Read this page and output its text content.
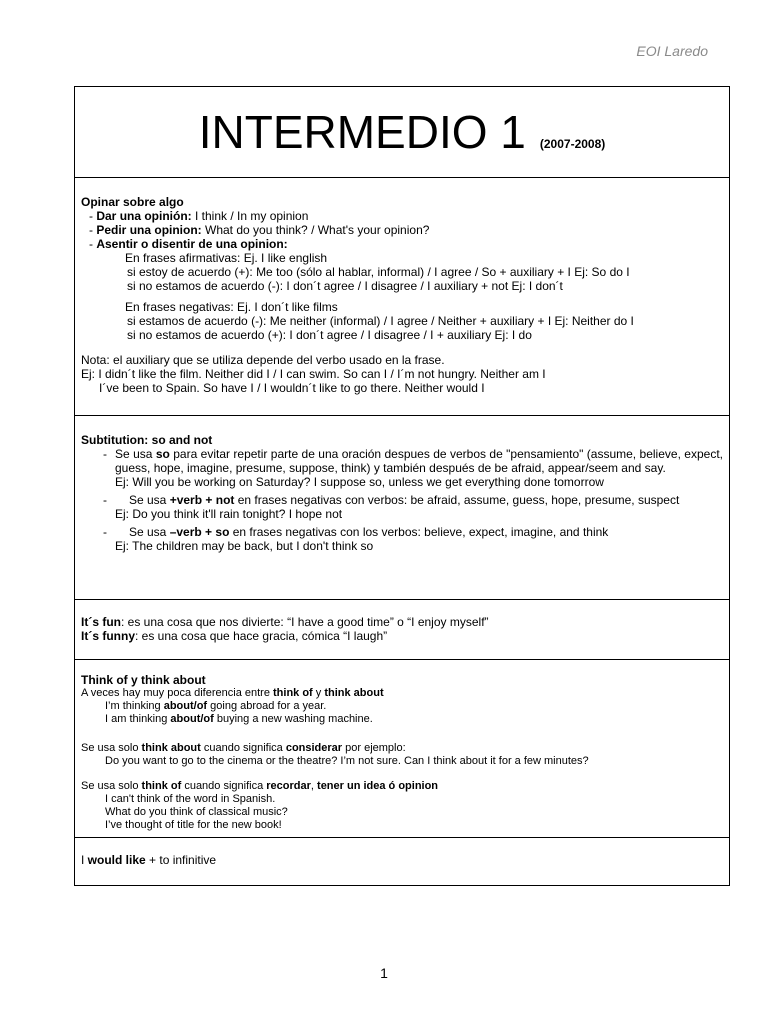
EOI Laredo
INTERMEDIO 1 (2007-2008)
Opinar sobre algo
- Dar una opinión: I think / In my opinion
- Pedir una opinion: What do you think? / What's your opinion?
- Asentir o disentir de una opinion:
En frases afirmativas: Ej. I like english
si estoy de acuerdo (+): Me too (sólo al hablar, informal) / I agree / So + auxiliary + I Ej: So do I
si no estamos de acuerdo (-): I don´t agree / I disagree / I auxiliary + not Ej: I don´t
En frases negativas: Ej. I don´t like films
si estamos de acuerdo (-): Me neither (informal) / I agree / Neither + auxiliary + I Ej: Neither do I
si no estamos de acuerdo (+): I don´t agree / I disagree / I + auxiliary Ej: I do
Nota: el auxiliary que se utiliza depende del verbo usado en la frase.
Ej: I didn´t like the film. Neither did I / I can swim. So can I / I´m not hungry. Neither am I
I´ve been to Spain. So have I / I wouldn´t like to go there. Neither would I
Subtitution: so and not
- Se usa so para evitar repetir parte de una oración despues de verbos de "pensamiento" (assume, believe, expect, guess, hope, imagine, presume, suppose, think) y también después de be afraid, appear/seem and say.
Ej: Will you be working on Saturday? I suppose so, unless we get everything done tomorrow
- Se usa +verb + not en frases negativas con verbos: be afraid, assume, guess, hope, presume, suspect
Ej: Do you think it'll rain tonight? I hope not
- Se usa –verb + so en frases negativas con los verbos: believe, expect, imagine, and think
Ej: The children may be back, but I don't think so
It´s fun: es una cosa que nos divierte: “I have a good time” o “I enjoy myself”
It´s funny: es una cosa que hace gracia, cómica “I laugh”
Think of y think about
A veces hay muy poca diferencia entre think of y think about
I’m thinking about/of going abroad for a year.
I am thinking about/of buying a new washing machine.
Se usa solo think about cuando significa considerar por ejemplo:
Do you want to go to the cinema or the theatre? I’m not sure. Can I think about it for a few minutes?
Se usa solo think of cuando significa recordar, tener un idea ó opinion
I can't think of the word in Spanish.
What do you think of classical music?
I’ve thought of title for the new book!
I would like + to infinitive
1
